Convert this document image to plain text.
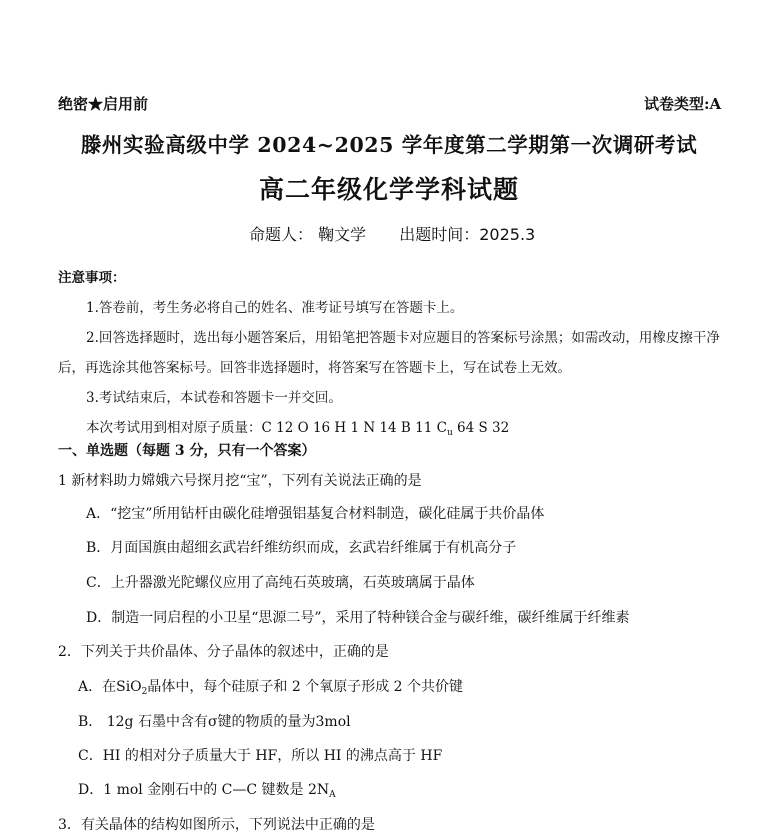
绝密★启用前	试卷类型:A
滕州实验高级中学 2024~2025 学年度第二学期第一次调研考试
高二年级化学学科试题
命题人： 鞠文学 出题时间：2025.3
注意事项：
1.答卷前，考生务必将自己的姓名、准考证号填写在答题卡上。
2.回答选择题时，选出每小题答案后，用铅笔把答题卡对应题目的答案标号涂黑；如需改动，用橡皮擦干净
后，再选涂其他答案标号。回答非选择题时，将答案写在答题卡上，写在试卷上无效。
3.考试结束后，本试卷和答题卡一并交回。
本次考试用到相对原子质量：C 12 O 16 H 1 N 14 B 11 $C_u$ 64 S 32
一、单选题（每题 3 分，只有一个答案）
1 新材料助力嫦娥六号探月挖“宝”，下列有关说法正确的是
A．“挖宝”所用钻杆由碳化硅增强铝基复合材料制造，碳化硅属于共价晶体
B．月面国旗由超细玄武岩纤维纺织而成，玄武岩纤维属于有机高分子
C．上升器激光陀螺仪应用了高纯石英玻璃，石英玻璃属于晶体
D．制造一同启程的小卫星“思源二号”，采用了特种镁合金与碳纤维，碳纤维属于纤维素
2．下列关于共价晶体、分子晶体的叙述中，正确的是
A．在SiO$_2$晶体中，每个硅原子和 2 个氧原子形成 2 个共价键
B． 12g 石墨中含有σ键的物质的量为3mol
C．HI 的相对分子质量大于 HF，所以 HI 的沸点高于 HF
D．1 mol 金刚石中的 C—C 键数是 $2N_A$
3．有关晶体的结构如图所示，下列说法中正确的是
